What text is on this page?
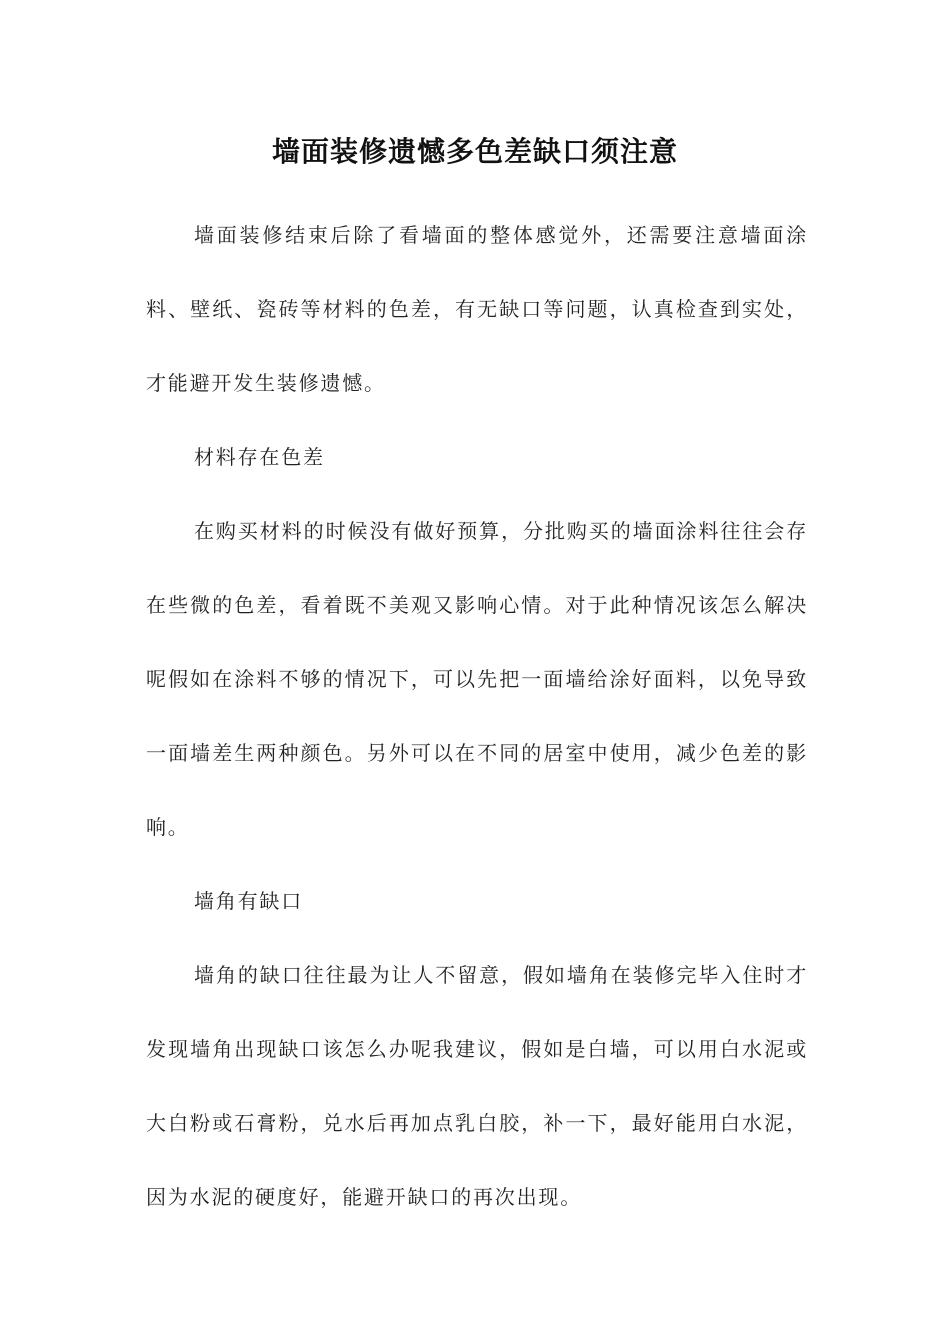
墙面装修遗憾多色差缺口须注意

墙面装修结束后除了看墙面的整体感觉外，还需要注意墙面涂料、壁纸、瓷砖等材料的色差，有无缺口等问题，认真检查到实处，才能避开发生装修遗憾。

材料存在色差

在购买材料的时候没有做好预算，分批购买的墙面涂料往往会存在些微的色差，看着既不美观又影响心情。对于此种情况该怎么解决呢假如在涂料不够的情况下，可以先把一面墙给涂好面料，以免导致一面墙差生两种颜色。另外可以在不同的居室中使用，减少色差的影响。

墙角有缺口

墙角的缺口往往最为让人不留意，假如墙角在装修完毕入住时才发现墙角出现缺口该怎么办呢我建议，假如是白墙，可以用白水泥或大白粉或石膏粉，兑水后再加点乳白胶，补一下，最好能用白水泥，因为水泥的硬度好，能避开缺口的再次出现。
